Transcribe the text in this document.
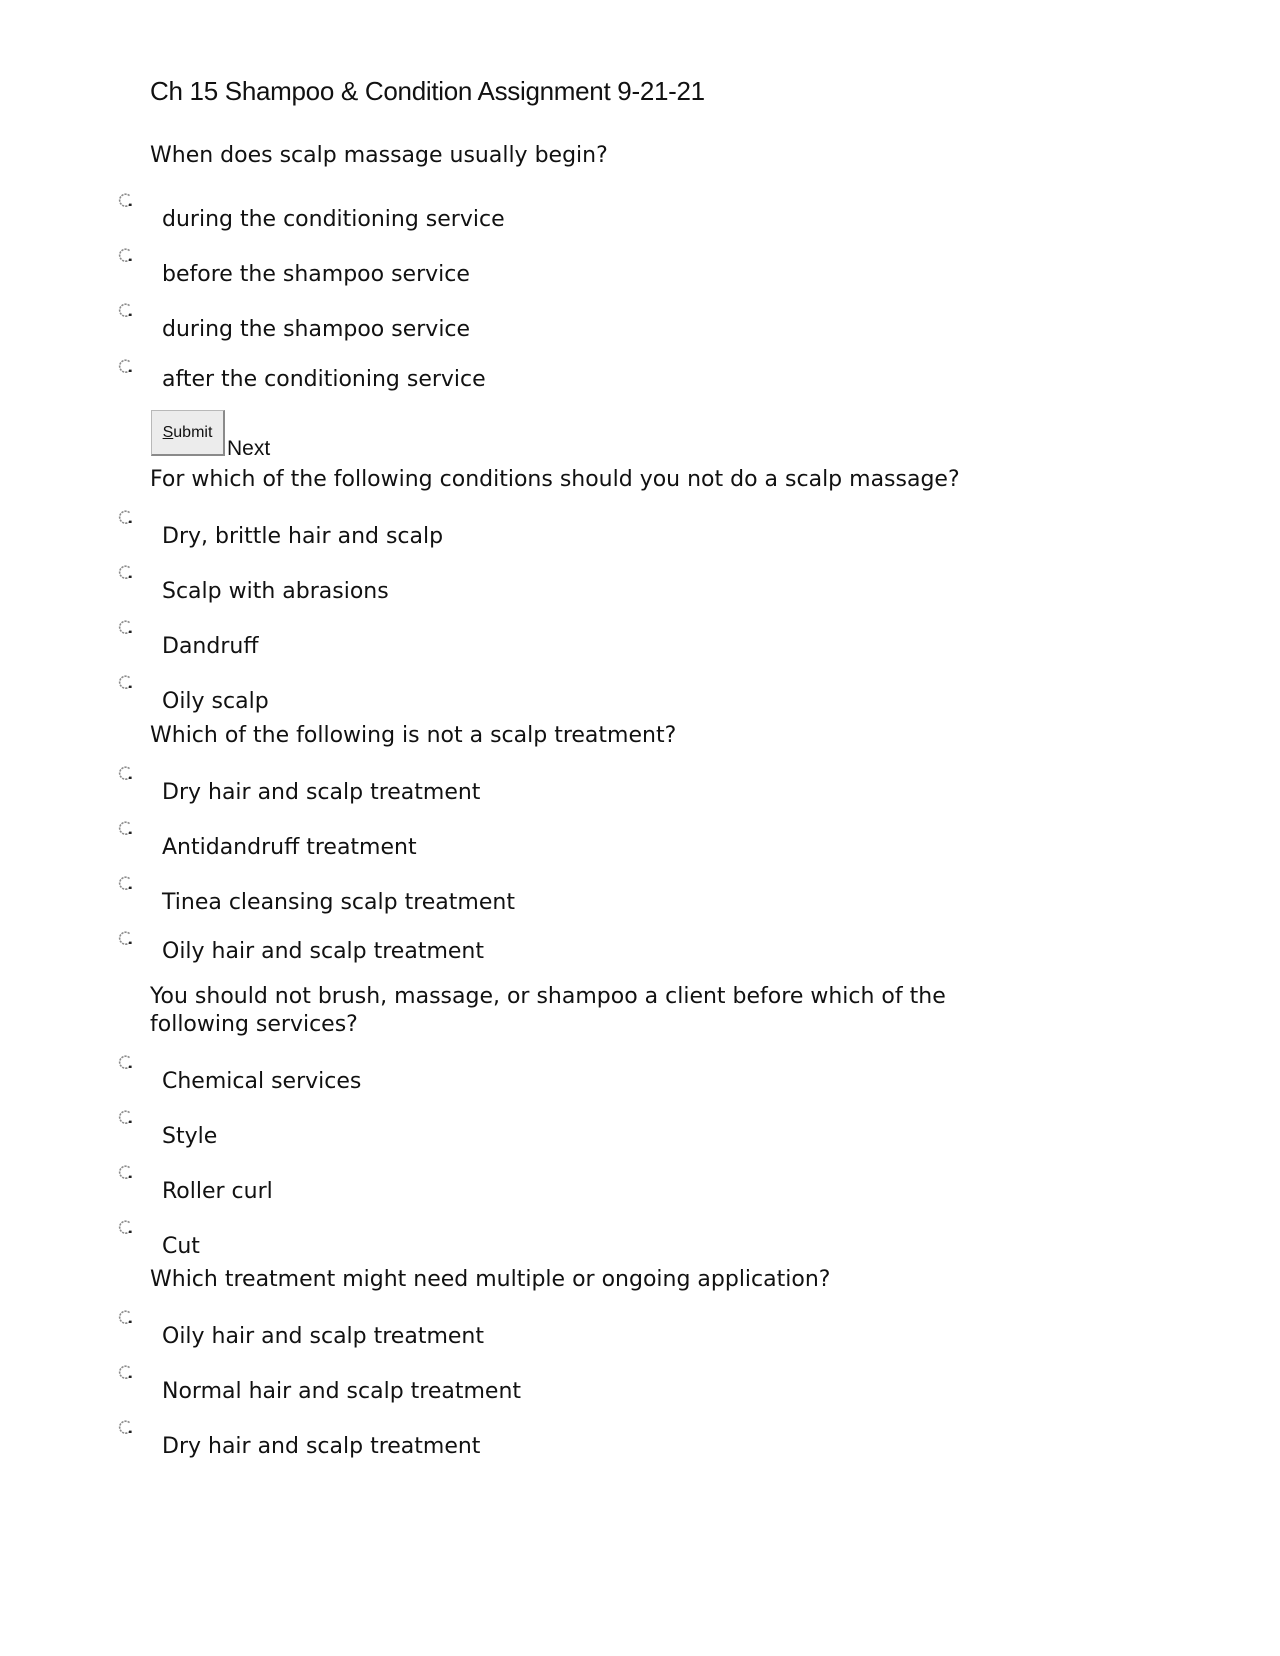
Ch 15 Shampoo & Condition Assignment 9-21-21
When does scalp massage usually begin?
during the conditioning service
before the shampoo service
during the shampoo service
after the conditioning service
S ubmit
Next
For which of the following conditions should you not do a scalp massage?
Dry, brittle hair and scalp
Scalp with abrasions
Dandruff
Oily scalp
Which of the following is not a scalp treatment?
Dry hair and scalp treatment
Antidandruff treatment
Tinea cleansing scalp treatment
Oily hair and scalp treatment
You should not brush, massage, or shampoo a client before which of the following services?
Chemical services
Style
Roller curl
Cut
Which treatment might need multiple or ongoing application?
Oily hair and scalp treatment
Normal hair and scalp treatment
Dry hair and scalp treatment
